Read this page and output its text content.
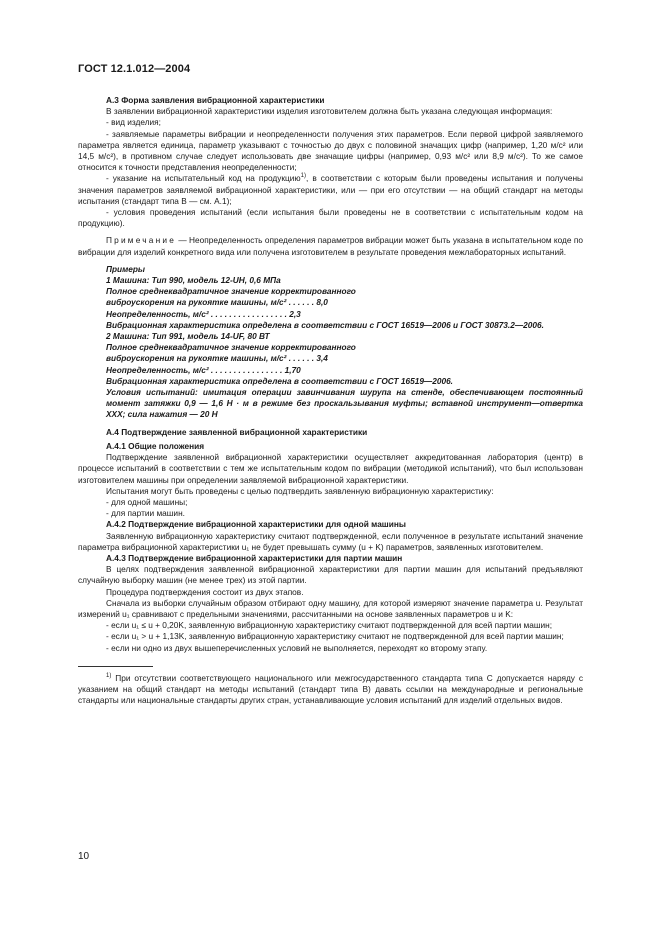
ГОСТ 12.1.012—2004

А.3 Форма заявления вибрационной характеристики

В заявлении вибрационной характеристики изделия изготовителем должна быть указана следующая информация:

- вид изделия;

- заявляемые параметры вибрации и неопределенности получения этих параметров. Если первой цифрой заявляемого параметра является единица, параметр указывают с точностью до двух с половиной значащих цифр (например, 1,20 м/с² или 14,5 м/с²), в противном случае следует использовать две значащие цифры (например, 0,93 м/с² или 8,9 м/с²). То же самое относится к точности представления неопределенности;

- указание на испытательный код на продукцию$^{1)}$, в соответствии с которым были проведены испытания и получены значения параметров заявляемой вибрационной характеристики, или — при его отсутствии — на общий стандарт на методы испытания (стандарт типа В — см. А.1);

- условия проведения испытаний (если испытания были проведены не в соответствии с испытательным кодом на продукцию).

Примечание — Неопределенность определения параметров вибрации может быть указана в испытательном коде по вибрации для изделий конкретного вида или получена изготовителем в результате проведения межлабораторных испытаний.

Примеры

1 Машина: Тип 990, модель 12-UH, 0,6 МПа

Полное среднеквадратичное значение корректированного

виброускорения на рукоятке машины, м/с² . . . . . . 8,0

Неопределенность, м/с² . . . . . . . . . . . . . . . . . 2,3

Вибрационная характеристика определена в соответствии с ГОСТ 16519—2006 и ГОСТ 30873.2—2006.

2 Машина: Тип 991, модель 14-UF, 80 ВТ

Полное среднеквадратичное значение корректированного

виброускорения на рукоятке машины, м/с² . . . . . . 3,4

Неопределенность, м/с² . . . . . . . . . . . . . . . . 1,70

Вибрационная характеристика определена в соответствии с ГОСТ 16519—2006.

Условия испытаний: имитация операции завинчивания шурупа на стенде, обеспечивающем постоянный момент затяжки 0,9 — 1,6 Н · м в режиме без проскальзывания муфты; вставной инструмент—отвертка ХХХ; сила нажатия — 20 Н

А.4 Подтверждение заявленной вибрационной характеристики

А.4.1 Общие положения

Подтверждение заявленной вибрационной характеристики осуществляет аккредитованная лаборатория (центр) в процессе испытаний в соответствии с тем же испытательным кодом по вибрации (методикой испытаний), что был использован изготовителем машины при определении заявляемой вибрационной характеристики.

Испытания могут быть проведены с целью подтвердить заявленную вибрационную характеристику:

- для одной машины;

- для партии машин.

А.4.2 Подтверждение вибрационной характеристики для одной машины

Заявленную вибрационную характеристику считают подтвержденной, если полученное в результате испытаний значение параметра вибрационной характеристики u₁ не будет превышать сумму (u + K) параметров, заявленных изготовителем.

А.4.3 Подтверждение вибрационной характеристики для партии машин

В целях подтверждения заявленной вибрационной характеристики для партии машин для испытаний предъявляют случайную выборку машин (не менее трех) из этой партии.

Процедура подтверждения состоит из двух этапов.

Сначала из выборки случайным образом отбирают одну машину, для которой измеряют значение параметра u. Результат измерений u₁ сравнивают с предельными значениями, рассчитанными на основе заявленных параметров u и K:

- если u₁ ≤ u + 0,20K, заявленную вибрационную характеристику считают подтвержденной для всей партии машин;

- если u₁ > u + 1,13K, заявленную вибрационную характеристику считают не подтвержденной для всей партии машин;

- если ни одно из двух вышеперечисленных условий не выполняется, переходят ко второму этапу.

$^{1)}$ При отсутствии соответствующего национального или межгосударственного стандарта типа С допускается наряду с указанием на общий стандарт на методы испытаний (стандарт типа В) давать ссылки на международные и региональные стандарты или национальные стандарты других стран, устанавливающие условия испытаний для изделий отдельных видов.

10
